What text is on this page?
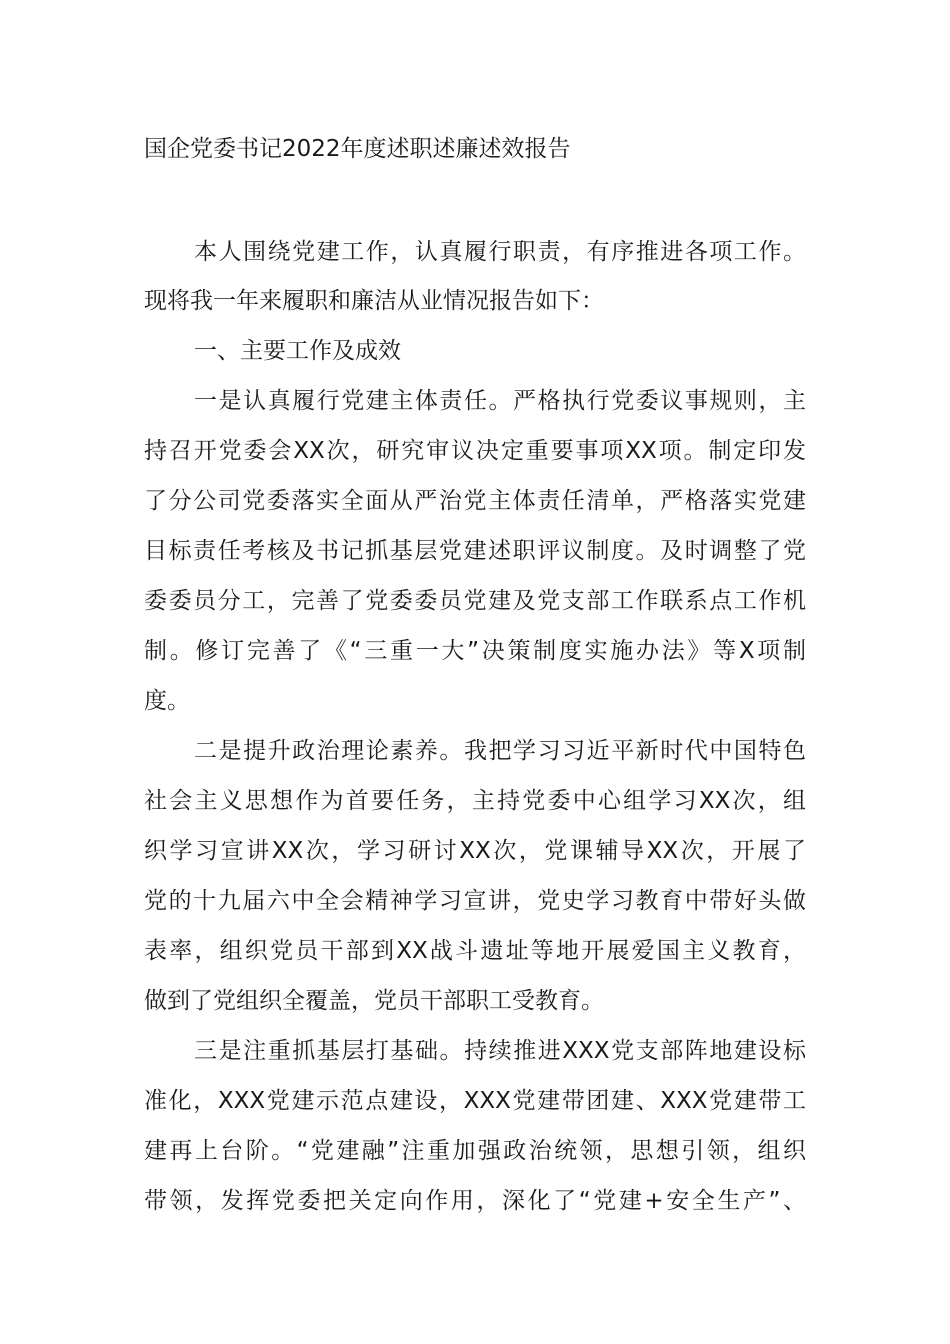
国企党委书记2022年度述职述廉述效报告

本人围绕党建工作，认真履行职责，有序推进各项工作。

现将我一年来履职和廉洁从业情况报告如下：

一、主要工作及成效

一是认真履行党建主体责任。严格执行党委议事规则，主

持召开党委会XX次，研究审议决定重要事项XX项。制定印发

了分公司党委落实全面从严治党主体责任清单，严格落实党建

目标责任考核及书记抓基层党建述职评议制度。及时调整了党

委委员分工，完善了党委委员党建及党支部工作联系点工作机

制。修订完善了《“三重一大”决策制度实施办法》等X项制

度。

二是提升政治理论素养。我把学习习近平新时代中国特色

社会主义思想作为首要任务，主持党委中心组学习XX次，组

织学习宣讲XX次，学习研讨XX次，党课辅导XX次，开展了

党的十九届六中全会精神学习宣讲，党史学习教育中带好头做

表率，组织党员干部到XX战斗遗址等地开展爱国主义教育，

做到了党组织全覆盖，党员干部职工受教育。

三是注重抓基层打基础。持续推进XXX党支部阵地建设标

准化，XXX党建示范点建设，XXX党建带团建、XXX党建带工

建再上台阶。“党建融”注重加强政治统领，思想引领，组织

带领，发挥党委把关定向作用，深化了“党建+安全生产”、
